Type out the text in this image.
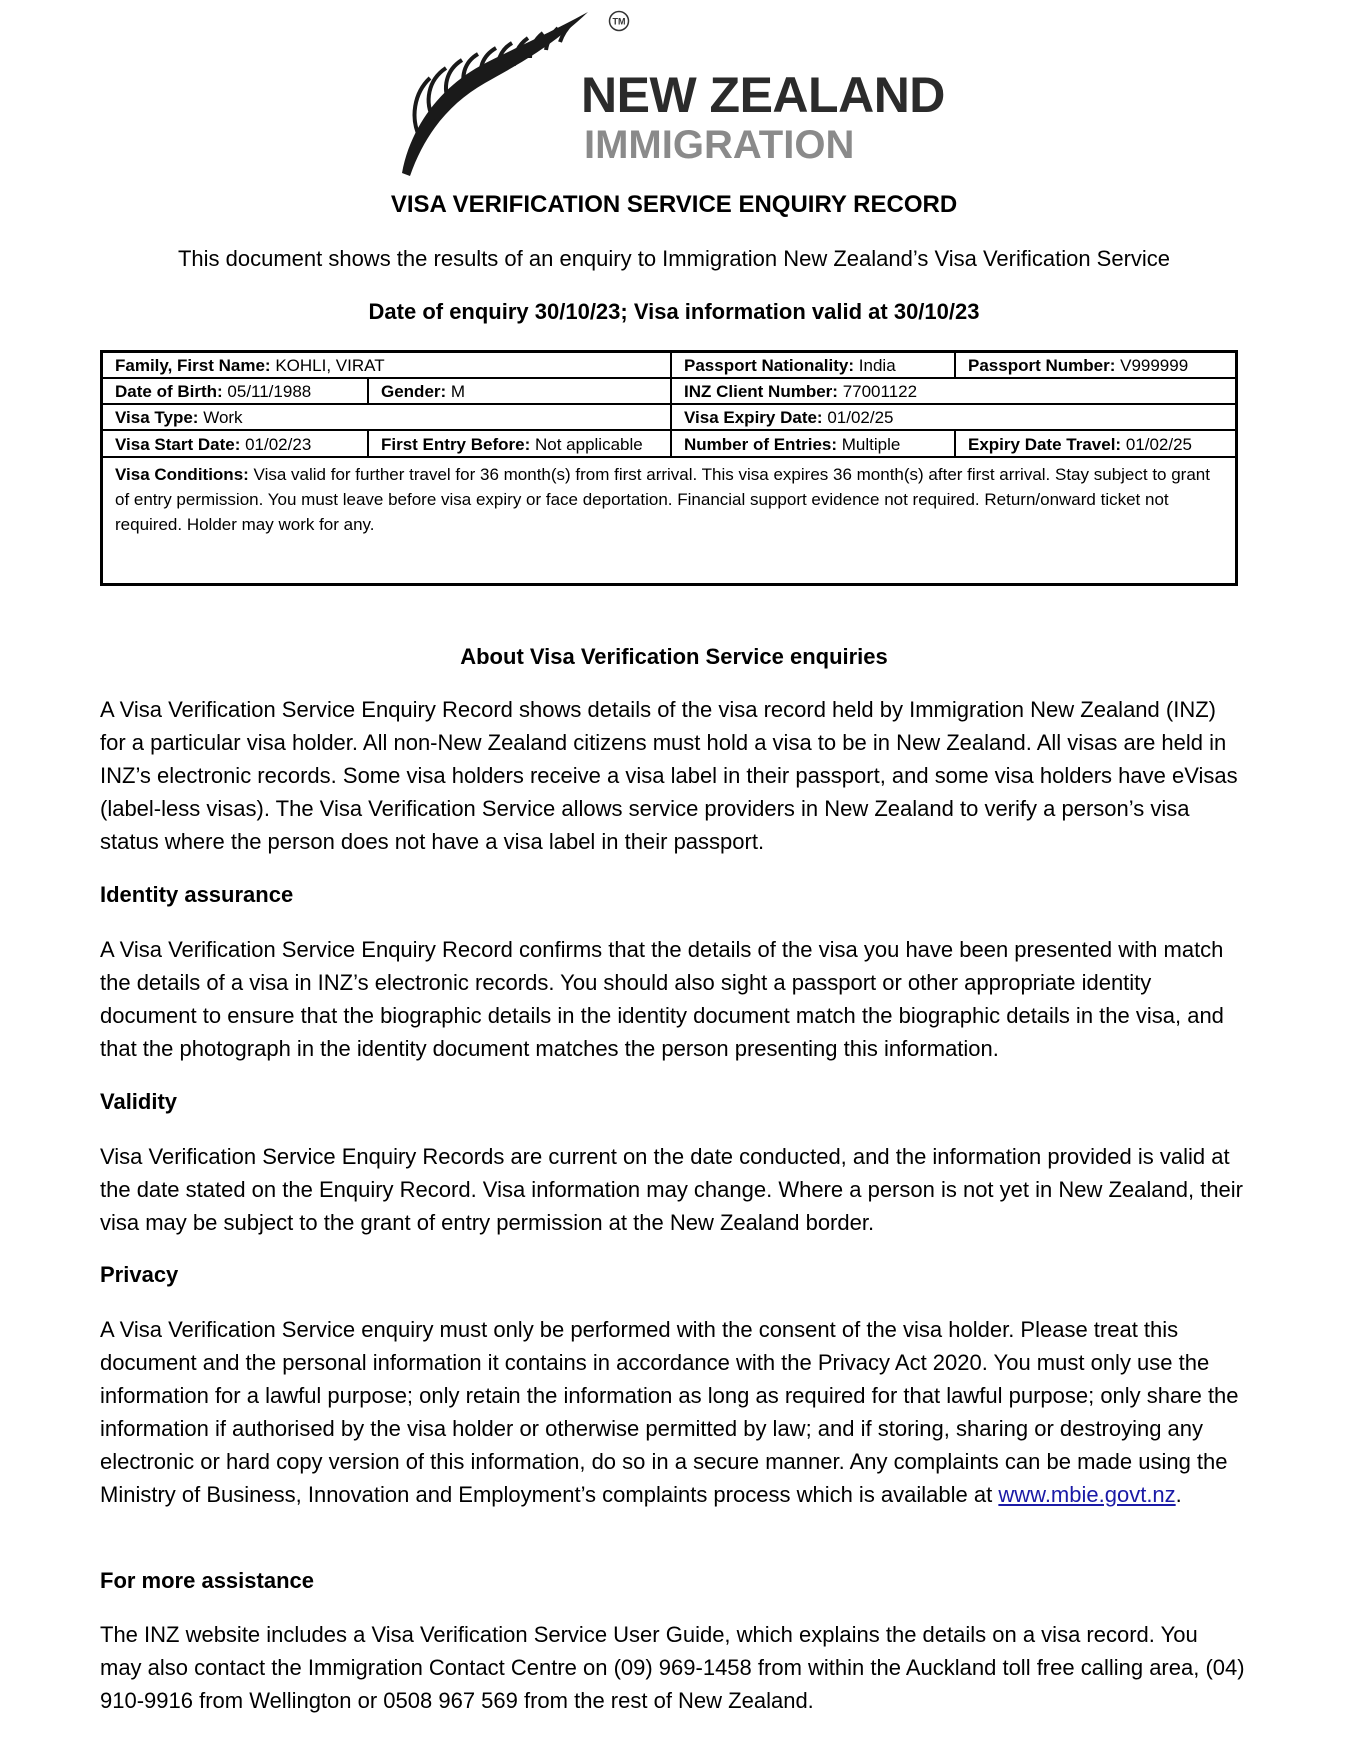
TM
NEW ZEALAND
IMMIGRATION
VISA VERIFICATION SERVICE ENQUIRY RECORD
This document shows the results of an enquiry to Immigration New Zealand’s Visa Verification Service
Date of enquiry 30/10/23; Visa information valid at 30/10/23
Family, First Name: KOHLI, VIRAT	Passport Nationality: India	Passport Number: V999999
Date of Birth: 05/11/1988	Gender: M	INZ Client Number: 77001122
Visa Type: Work	Visa Expiry Date: 01/02/25
Visa Start Date: 01/02/23	First Entry Before: Not applicable	Number of Entries: Multiple	Expiry Date Travel: 01/02/25
Visa Conditions: Visa valid for further travel for 36 month(s) from first arrival. This visa expires 36 month(s) after first arrival. Stay subject to grant of entry permission. You must leave before visa expiry or face deportation. Financial support evidence not required. Return/onward ticket not required. Holder may work for any.
About Visa Verification Service enquiries
A Visa Verification Service Enquiry Record shows details of the visa record held by Immigration New Zealand (INZ) for a particular visa holder. All non-New Zealand citizens must hold a visa to be in New Zealand. All visas are held in INZ’s electronic records. Some visa holders receive a visa label in their passport, and some visa holders have eVisas (label-less visas). The Visa Verification Service allows service providers in New Zealand to verify a person’s visa status where the person does not have a visa label in their passport.
Identity assurance
A Visa Verification Service Enquiry Record confirms that the details of the visa you have been presented with match the details of a visa in INZ’s electronic records. You should also sight a passport or other appropriate identity document to ensure that the biographic details in the identity document match the biographic details in the visa, and that the photograph in the identity document matches the person presenting this information.
Validity
Visa Verification Service Enquiry Records are current on the date conducted, and the information provided is valid at the date stated on the Enquiry Record. Visa information may change. Where a person is not yet in New Zealand, their visa may be subject to the grant of entry permission at the New Zealand border.
Privacy
A Visa Verification Service enquiry must only be performed with the consent of the visa holder. Please treat this document and the personal information it contains in accordance with the Privacy Act 2020. You must only use the information for a lawful purpose; only retain the information as long as required for that lawful purpose; only share the information if authorised by the visa holder or otherwise permitted by law; and if storing, sharing or destroying any electronic or hard copy version of this information, do so in a secure manner. Any complaints can be made using the Ministry of Business, Innovation and Employment’s complaints process which is available at www.mbie.govt.nz.
For more assistance
The INZ website includes a Visa Verification Service User Guide, which explains the details on a visa record. You may also contact the Immigration Contact Centre on (09) 969-1458 from within the Auckland toll free calling area, (04) 910-9916 from Wellington or 0508 967 569 from the rest of New Zealand.
